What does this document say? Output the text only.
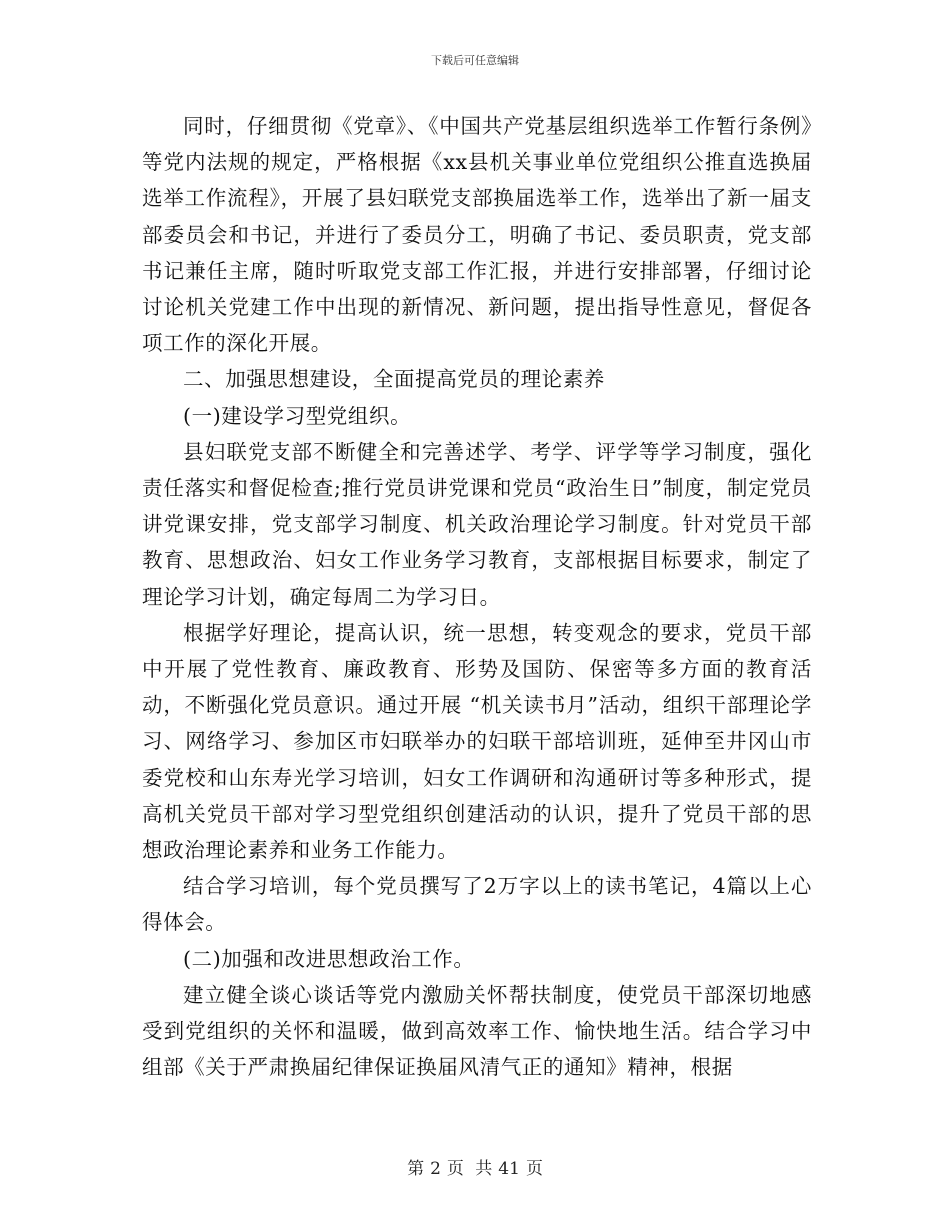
下载后可任意编辑

同时，仔细贯彻《党章》、《中国共产党基层组织选举工作暂行条例》等党内法规的规定，严格根据《xx县机关事业单位党组织公推直选换届选举工作流程》，开展了县妇联党支部换届选举工作，选举出了新一届支部委员会和书记，并进行了委员分工，明确了书记、委员职责，党支部书记兼任主席，随时听取党支部工作汇报，并进行安排部署，仔细讨论讨论机关党建工作中出现的新情况、新问题，提出指导性意见，督促各项工作的深化开展。

二、加强思想建设，全面提高党员的理论素养

(一)建设学习型党组织。

县妇联党支部不断健全和完善述学、考学、评学等学习制度，强化责任落实和督促检查;推行党员讲党课和党员“政治生日”制度，制定党员讲党课安排，党支部学习制度、机关政治理论学习制度。针对党员干部教育、思想政治、妇女工作业务学习教育，支部根据目标要求，制定了理论学习计划，确定每周二为学习日。

根据学好理论，提高认识，统一思想，转变观念的要求，党员干部中开展了党性教育、廉政教育、形势及国防、保密等多方面的教育活动，不断强化党员意识。通过开展 “机关读书月”活动，组织干部理论学习、网络学习、参加区市妇联举办的妇联干部培训班，延伸至井冈山市委党校和山东寿光学习培训，妇女工作调研和沟通研讨等多种形式，提高机关党员干部对学习型党组织创建活动的认识，提升了党员干部的思想政治理论素养和业务工作能力。

结合学习培训，每个党员撰写了2万字以上的读书笔记，4篇以上心得体会。

(二)加强和改进思想政治工作。

建立健全谈心谈话等党内激励关怀帮扶制度，使党员干部深切地感受到党组织的关怀和温暖，做到高效率工作、愉快地生活。结合学习中组部《关于严肃换届纪律保证换届风清气正的通知》精神，根据

第 2 页 共 41 页
